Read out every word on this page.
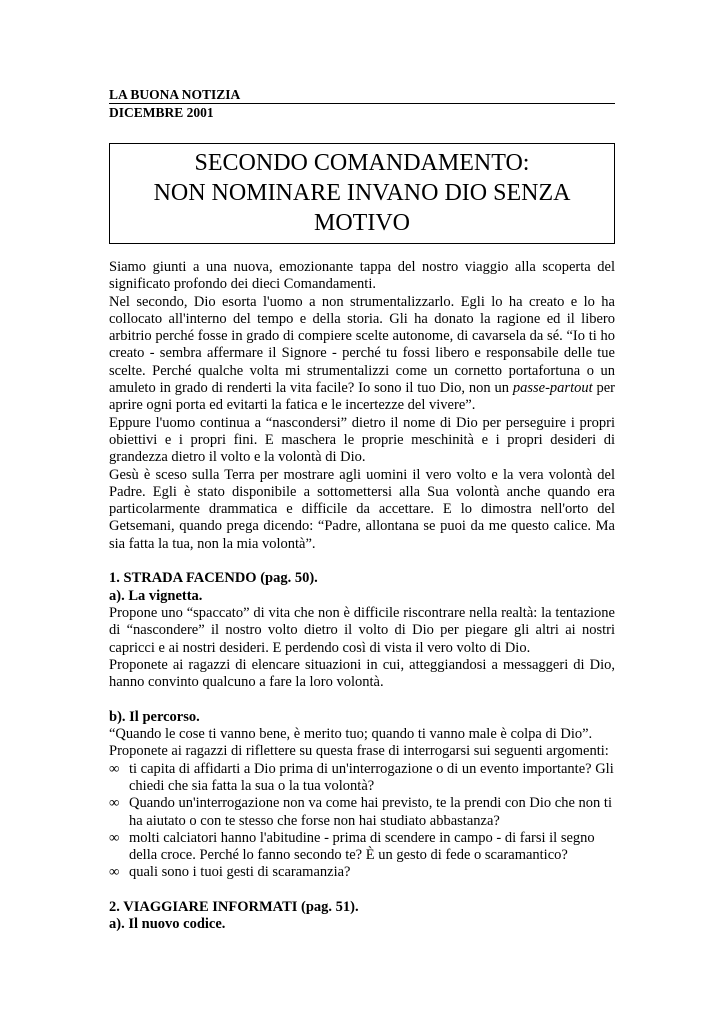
LA BUONA NOTIZIA
DICEMBRE 2001
SECONDO COMANDAMENTO:
NON NOMINARE INVANO DIO SENZA
MOTIVO

Siamo giunti a una nuova, emozionante tappa del nostro viaggio alla scoperta del significato profondo dei dieci Comandamenti.

Nel secondo, Dio esorta l'uomo a non strumentalizzarlo. Egli lo ha creato e lo ha collocato all'interno del tempo e della storia. Gli ha donato la ragione ed il libero arbitrio perché fosse in grado di compiere scelte autonome, di cavarsela da sé. “Io ti ho creato - sembra affermare il Signore - perché tu fossi libero e responsabile delle tue scelte. Perché qualche volta mi strumentalizzi come un cornetto portafortuna o un amuleto in grado di renderti la vita facile? Io sono il tuo Dio, non un passe-partout per aprire ogni porta ed evitarti la fatica e le incertezze del vivere”.

Eppure l'uomo continua a “nascondersi” dietro il nome di Dio per perseguire i propri obiettivi e i propri fini. E maschera le proprie meschinità e i propri desideri di grandezza dietro il volto e la volontà di Dio.

Gesù è sceso sulla Terra per mostrare agli uomini il vero volto e la vera volontà del Padre. Egli è stato disponibile a sottomettersi alla Sua volontà anche quando era particolarmente drammatica e difficile da accettare. E lo dimostra nell'orto del Getsemani, quando prega dicendo: “Padre, allontana se puoi da me questo calice. Ma sia fatta la tua, non la mia volontà”.

1. STRADA FACENDO (pag. 50).

a). La vignetta.

Propone uno “spaccato” di vita che non è difficile riscontrare nella realtà: la tentazione di “nascondere” il nostro volto dietro il volto di Dio per piegare gli altri ai nostri capricci e ai nostri desideri. E perdendo così di vista il vero volto di Dio.

Proponete ai ragazzi di elencare situazioni in cui, atteggiandosi a messaggeri di Dio, hanno convinto qualcuno a fare la loro volontà.

b). Il percorso.

“Quando le cose ti vanno bene, è merito tuo; quando ti vanno male è colpa di Dio”.

Proponete ai ragazzi di riflettere su questa frase di interrogarsi sui seguenti argomenti:

∞ ti capita di affidarti a Dio prima di un'interrogazione o di un evento importante? Gli chiedi che sia fatta la sua o la tua volontà?
∞ Quando un'interrogazione non va come hai previsto, te la prendi con Dio che non ti ha aiutato o con te stesso che forse non hai studiato abbastanza?
∞ molti calciatori hanno l'abitudine - prima di scendere in campo - di farsi il segno della croce. Perché lo fanno secondo te? È un gesto di fede o scaramantico?
∞ quali sono i tuoi gesti di scaramanzia?

2. VIAGGIARE INFORMATI (pag. 51).

a). Il nuovo codice.
